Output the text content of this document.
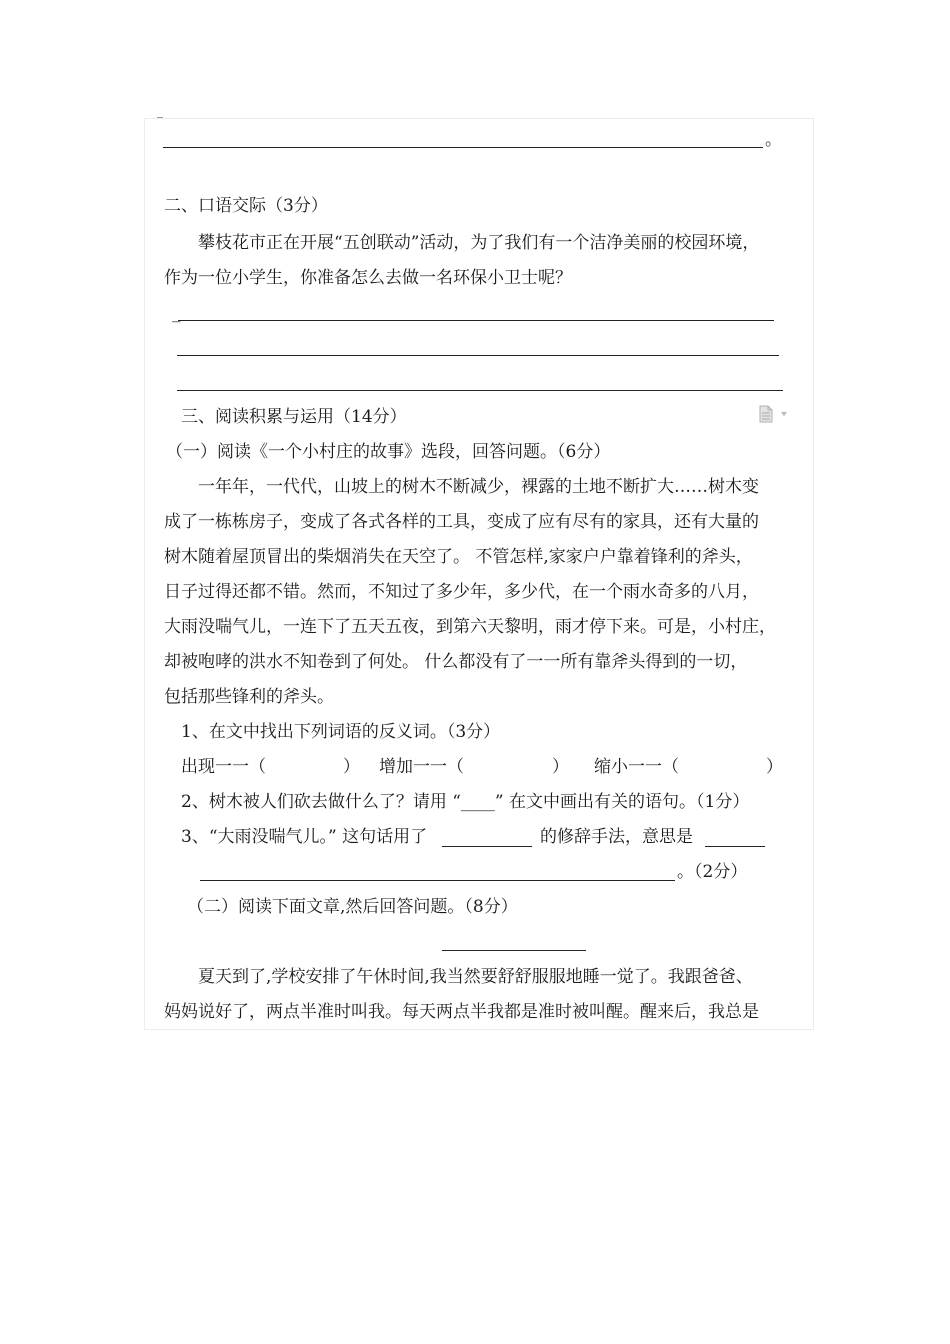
。
二、口语交际（3分）
攀枝花市正在开展“五创联动”活动，为了我们有一个洁净美丽的校园环境，
作为一位小学生，你准备怎么去做一名环保小卫士呢？
_
三、阅读积累与运用（14分）
（一）阅读《一个小村庄的故事》选段，回答问题。（6分）
一年年，一代代，山坡上的树木不断减少，裸露的土地不断扩大……树木变
成了一栋栋房子，变成了各式各样的工具，变成了应有尽有的家具，还有大量的
树木随着屋顶冒出的柴烟消失在天空了。 不管怎样,家家户户靠着锋利的斧头，
日子过得还都不错。然而，不知过了多少年，多少代，在一个雨水奇多的八月，
大雨没喘气儿，一连下了五天五夜，到第六天黎明，雨才停下来。可是，小村庄，
却被咆哮的洪水不知卷到了何处。 什么都没有了一一所有靠斧头得到的一切，
包括那些锋利的斧头。
1、在文中找出下列词语的反义词。（3分）
出现一一（	） 增加一一（	） 缩小一一（	）
2、树木被人们砍去做什么了？请用 “____” 在文中画出有关的语句。（1分）
3、“大雨没喘气儿。” 这句话用了	的修辞手法，意思是
。（2分）
（二）阅读下面文章,然后回答问题。（8分）
夏天到了,学校安排了午休时间,我当然要舒舒服服地睡一觉了。我跟爸爸、
妈妈说好了，两点半准时叫我。每天两点半我都是准时被叫醒。醒来后，我总是
